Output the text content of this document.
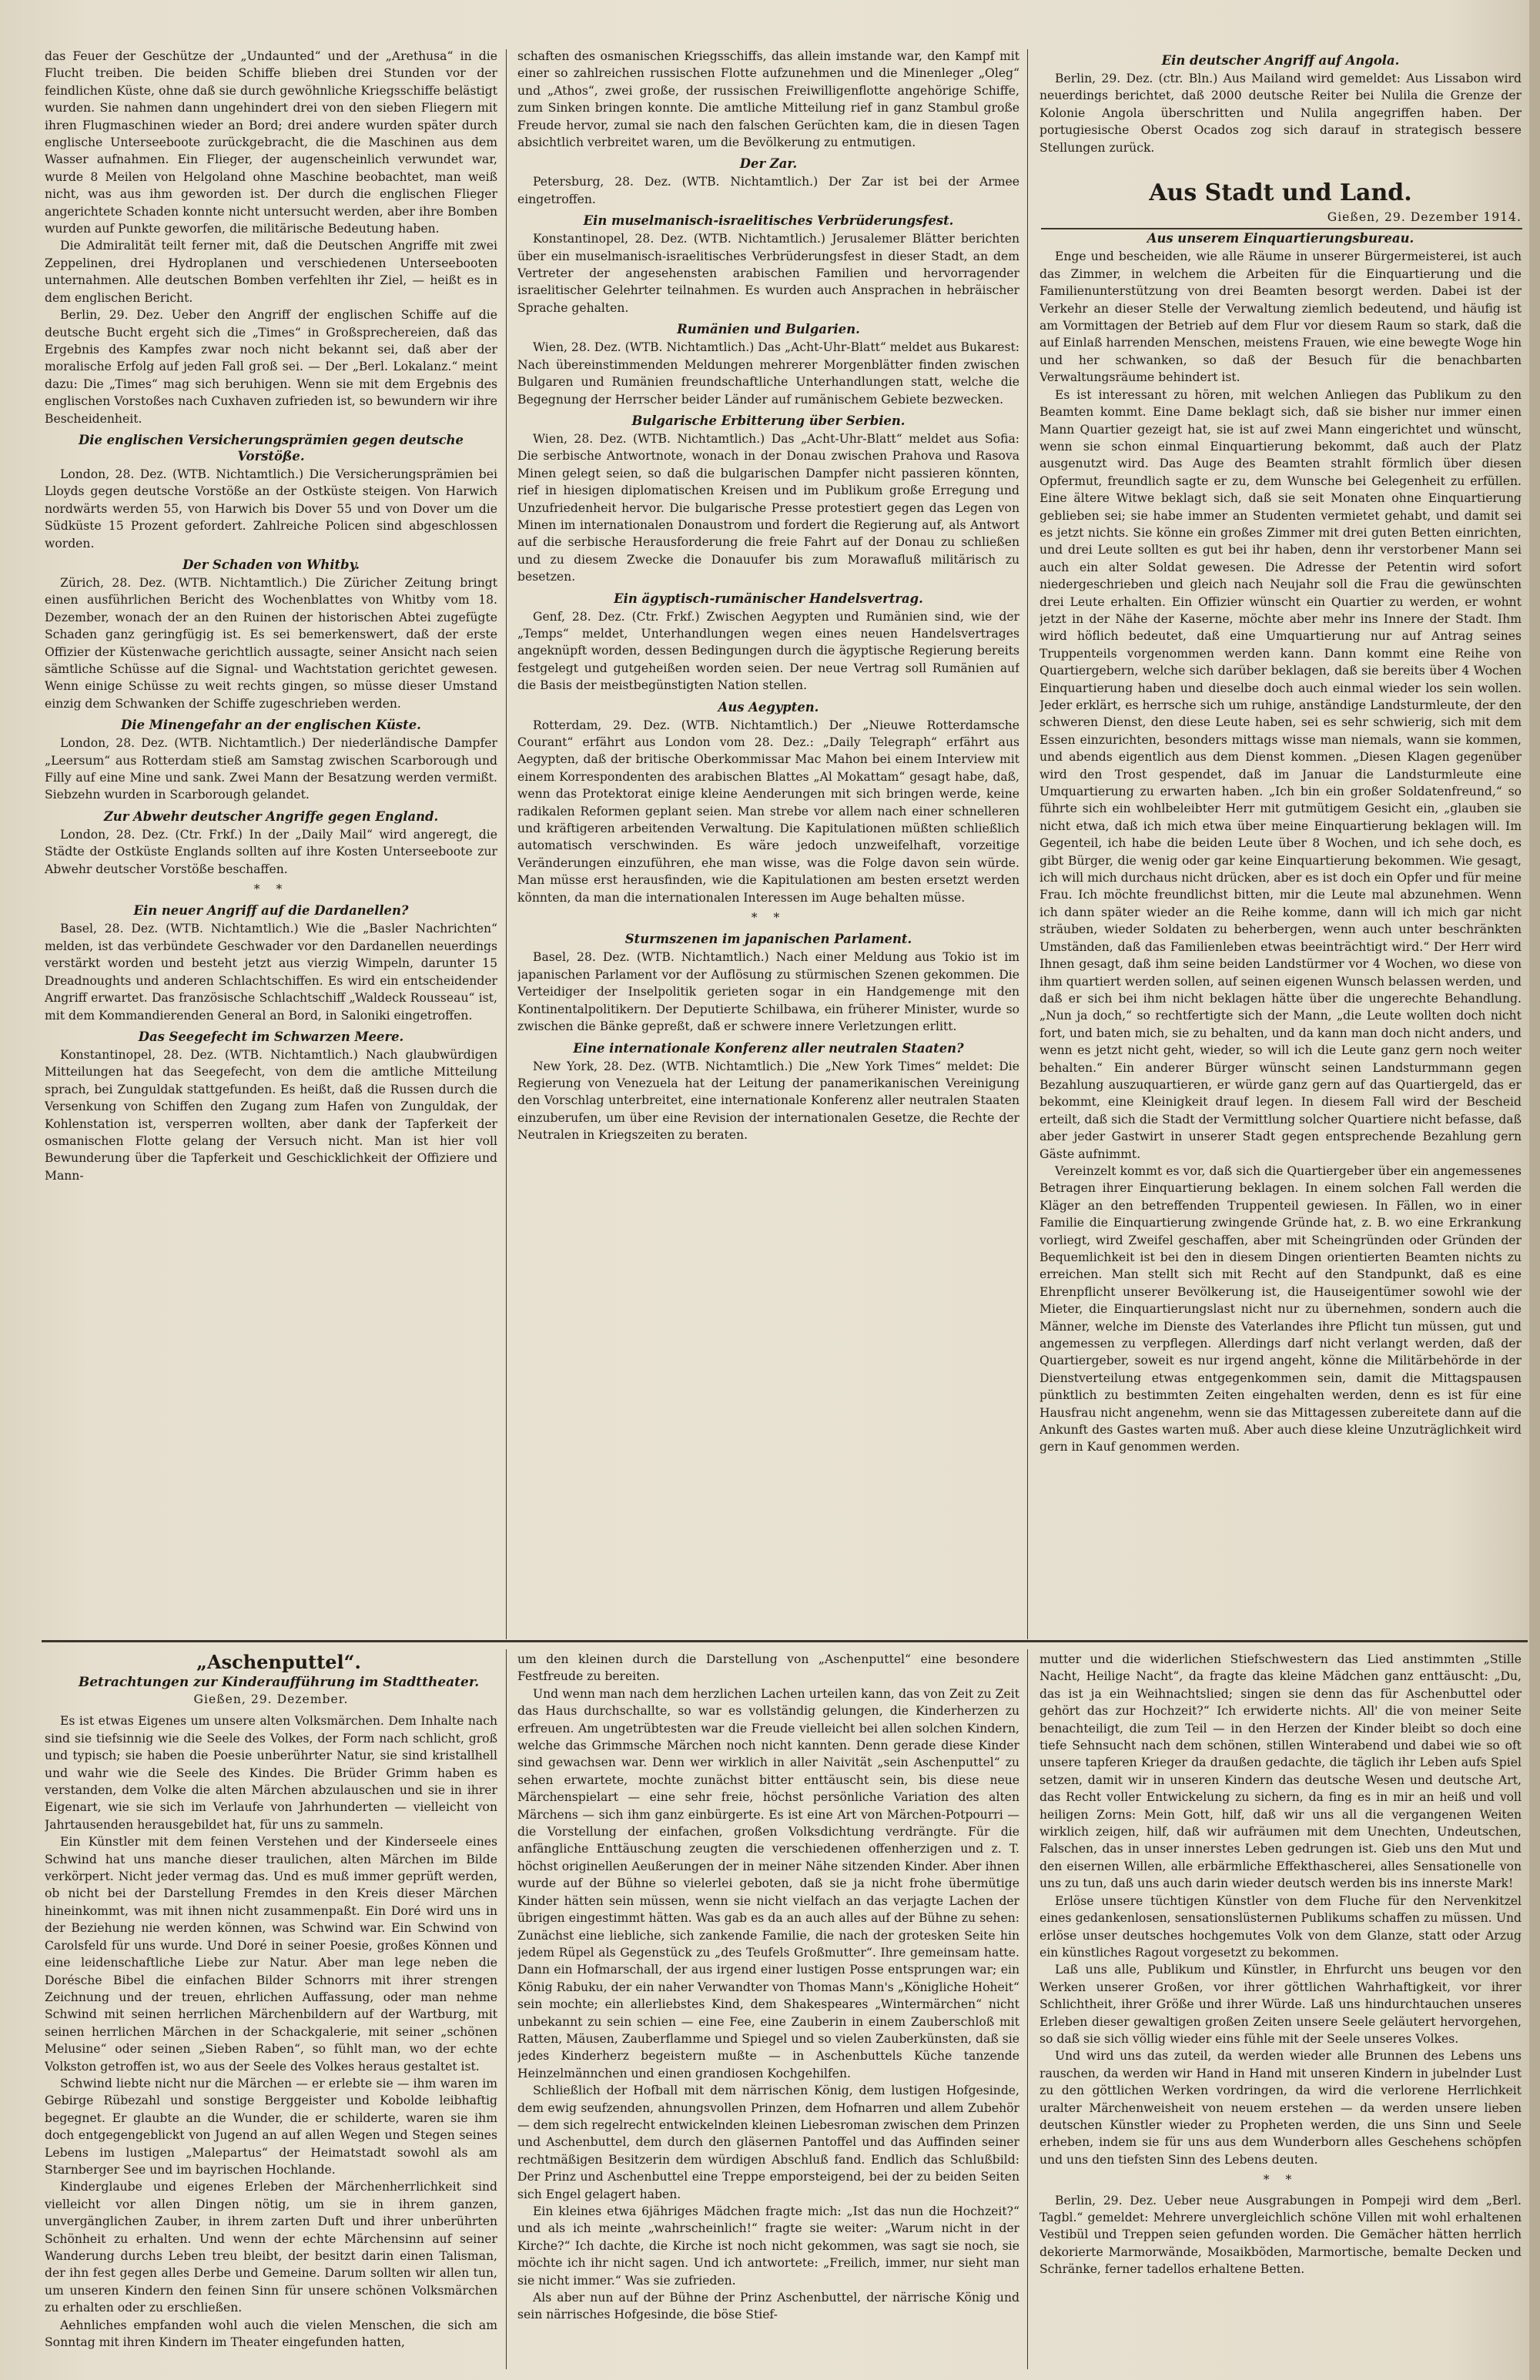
das Feuer der Geschütze der „Undaunted“ und der „Arethusa“ in die Flucht treiben. Die beiden Schiffe blieben drei Stunden vor der feindlichen Küste, ohne daß sie durch gewöhnliche Kriegsschiffe belästigt wurden. Sie nahmen dann ungehindert drei von den sieben Fliegern mit ihren Flugmaschinen wieder an Bord; drei andere wurden später durch englische Unterseeboote zurückgebracht, die die Maschinen aus dem Wasser aufnahmen. Ein Flieger, der augenscheinlich verwundet war, wurde 8 Meilen von Helgoland ohne Maschine beobachtet, man weiß nicht, was aus ihm geworden ist. Der durch die englischen Flieger angerichtete Schaden konnte nicht untersucht werden, aber ihre Bomben wurden auf Punkte geworfen, die militärische Bedeutung haben.

Die Admiralität teilt ferner mit, daß die Deutschen Angriffe mit zwei Zeppelinen, drei Hydroplanen und verschiedenen Unterseebooten unternahmen. Alle deutschen Bomben verfehlten ihr Ziel, — heißt es in dem englischen Bericht.

Berlin, 29. Dez. Ueber den Angriff der englischen Schiffe auf die deutsche Bucht ergeht sich die „Times“ in Großsprechereien, daß das Ergebnis des Kampfes zwar noch nicht bekannt sei, daß aber der moralische Erfolg auf jeden Fall groß sei. — Der „Berl. Lokalanz.“ meint dazu: Die „Times“ mag sich beruhigen. Wenn sie mit dem Ergebnis des englischen Vorstoßes nach Cuxhaven zufrieden ist, so bewundern wir ihre Bescheidenheit.

Die englischen Versicherungsprämien gegen deutsche Vorstöße.

London, 28. Dez. (WTB. Nichtamtlich.) Die Versicherungsprämien bei Lloyds gegen deutsche Vorstöße an der Ostküste steigen. Von Harwich nordwärts werden 55, von Harwich bis Dover 55 und von Dover um die Südküste 15 Prozent gefordert. Zahlreiche Policen sind abgeschlossen worden.

Der Schaden von Whitby.

Zürich, 28. Dez. (WTB. Nichtamtlich.) Die Züricher Zeitung bringt einen ausführlichen Bericht des Wochenblattes von Whitby vom 18. Dezember, wonach der an den Ruinen der historischen Abtei zugefügte Schaden ganz geringfügig ist. Es sei bemerkenswert, daß der erste Offizier der Küstenwache gerichtlich aussagte, seiner Ansicht nach seien sämtliche Schüsse auf die Signal- und Wachtstation gerichtet gewesen. Wenn einige Schüsse zu weit rechts gingen, so müsse dieser Umstand einzig dem Schwanken der Schiffe zugeschrieben werden.

Die Minengefahr an der englischen Küste.

London, 28. Dez. (WTB. Nichtamtlich.) Der niederländische Dampfer „Leersum“ aus Rotterdam stieß am Samstag zwischen Scarborough und Filly auf eine Mine und sank. Zwei Mann der Besatzung werden vermißt. Siebzehn wurden in Scarborough gelandet.

Zur Abwehr deutscher Angriffe gegen England.

London, 28. Dez. (Ctr. Frkf.) In der „Daily Mail“ wird angeregt, die Städte der Ostküste Englands sollten auf ihre Kosten Unterseeboote zur Abwehr deutscher Vorstöße beschaffen.

* *

Ein neuer Angriff auf die Dardanellen?

Basel, 28. Dez. (WTB. Nichtamtlich.) Wie die „Basler Nachrichten“ melden, ist das verbündete Geschwader vor den Dardanellen neuerdings verstärkt worden und besteht jetzt aus vierzig Wimpeln, darunter 15 Dreadnoughts und anderen Schlachtschiffen. Es wird ein entscheidender Angriff erwartet. Das französische Schlachtschiff „Waldeck Rousseau“ ist, mit dem Kommandierenden General an Bord, in Saloniki eingetroffen.

Das Seegefecht im Schwarzen Meere.

Konstantinopel, 28. Dez. (WTB. Nichtamtlich.) Nach glaubwürdigen Mitteilungen hat das Seegefecht, von dem die amtliche Mitteilung sprach, bei Zunguldak stattgefunden. Es heißt, daß die Russen durch die Versenkung von Schiffen den Zugang zum Hafen von Zunguldak, der Kohlenstation ist, versperren wollten, aber dank der Tapferkeit der osmanischen Flotte gelang der Versuch nicht. Man ist hier voll Bewunderung über die Tapferkeit und Geschicklichkeit der Offiziere und Mann-

schaften des osmanischen Kriegsschiffs, das allein imstande war, den Kampf mit einer so zahlreichen russischen Flotte aufzunehmen und die Minenleger „Oleg“ und „Athos“, zwei große, der russischen Freiwilligenflotte angehörige Schiffe, zum Sinken bringen konnte. Die amtliche Mitteilung rief in ganz Stambul große Freude hervor, zumal sie nach den falschen Gerüchten kam, die in diesen Tagen absichtlich verbreitet waren, um die Bevölkerung zu entmutigen.

Der Zar.

Petersburg, 28. Dez. (WTB. Nichtamtlich.) Der Zar ist bei der Armee eingetroffen.

Ein muselmanisch-israelitisches Verbrüderungsfest.

Konstantinopel, 28. Dez. (WTB. Nichtamtlich.) Jerusalemer Blätter berichten über ein muselmanisch-israelitisches Verbrüderungsfest in dieser Stadt, an dem Vertreter der angesehensten arabischen Familien und hervorragender israelitischer Gelehrter teilnahmen. Es wurden auch Ansprachen in hebräischer Sprache gehalten.

Rumänien und Bulgarien.

Wien, 28. Dez. (WTB. Nichtamtlich.) Das „Acht-Uhr-Blatt“ meldet aus Bukarest: Nach übereinstimmenden Meldungen mehrerer Morgenblätter finden zwischen Bulgaren und Rumänien freundschaftliche Unterhandlungen statt, welche die Begegnung der Herrscher beider Länder auf rumänischem Gebiete bezwecken.

Bulgarische Erbitterung über Serbien.

Wien, 28. Dez. (WTB. Nichtamtlich.) Das „Acht-Uhr-Blatt“ meldet aus Sofia: Die serbische Antwortnote, wonach in der Donau zwischen Prahova und Rasova Minen gelegt seien, so daß die bulgarischen Dampfer nicht passieren könnten, rief in hiesigen diplomatischen Kreisen und im Publikum große Erregung und Unzufriedenheit hervor. Die bulgarische Presse protestiert gegen das Legen von Minen im internationalen Donaustrom und fordert die Regierung auf, als Antwort auf die serbische Herausforderung die freie Fahrt auf der Donau zu schließen und zu diesem Zwecke die Donauufer bis zum Morawafluß militärisch zu besetzen.

Ein ägyptisch-rumänischer Handelsvertrag.

Genf, 28. Dez. (Ctr. Frkf.) Zwischen Aegypten und Rumänien sind, wie der „Temps“ meldet, Unterhandlungen wegen eines neuen Handelsvertrages angeknüpft worden, dessen Bedingungen durch die ägyptische Regierung bereits festgelegt und gutgeheißen worden seien. Der neue Vertrag soll Rumänien auf die Basis der meistbegünstigten Nation stellen.

Aus Aegypten.

Rotterdam, 29. Dez. (WTB. Nichtamtlich.) Der „Nieuwe Rotterdamsche Courant“ erfährt aus London vom 28. Dez.: „Daily Telegraph“ erfährt aus Aegypten, daß der britische Oberkommissar Mac Mahon bei einem Interview mit einem Korrespondenten des arabischen Blattes „Al Mokattam“ gesagt habe, daß, wenn das Protektorat einige kleine Aenderungen mit sich bringen werde, keine radikalen Reformen geplant seien. Man strebe vor allem nach einer schnelleren und kräftigeren arbeitenden Verwaltung. Die Kapitulationen müßten schließlich automatisch verschwinden. Es wäre jedoch unzweifelhaft, vorzeitige Veränderungen einzuführen, ehe man wisse, was die Folge davon sein würde. Man müsse erst herausfinden, wie die Kapitulationen am besten ersetzt werden könnten, da man die internationalen Interessen im Auge behalten müsse.

* *

Sturmszenen im japanischen Parlament.

Basel, 28. Dez. (WTB. Nichtamtlich.) Nach einer Meldung aus Tokio ist im japanischen Parlament vor der Auflösung zu stürmischen Szenen gekommen. Die Verteidiger der Inselpolitik gerieten sogar in ein Handgemenge mit den Kontinentalpolitikern. Der Deputierte Schilbawa, ein früherer Minister, wurde so zwischen die Bänke gepreßt, daß er schwere innere Verletzungen erlitt.

Eine internationale Konferenz aller neutralen Staaten?

New York, 28. Dez. (WTB. Nichtamtlich.) Die „New York Times“ meldet: Die Regierung von Venezuela hat der Leitung der panamerikanischen Vereinigung den Vorschlag unterbreitet, eine internationale Konferenz aller neutralen Staaten einzuberufen, um über eine Revision der internationalen Gesetze, die Rechte der Neutralen in Kriegszeiten zu beraten.

Ein deutscher Angriff auf Angola.

Berlin, 29. Dez. (ctr. Bln.) Aus Mailand wird gemeldet: Aus Lissabon wird neuerdings berichtet, daß 2000 deutsche Reiter bei Nulila die Grenze der Kolonie Angola überschritten und Nulila angegriffen haben. Der portugiesische Oberst Ocados zog sich darauf in strategisch bessere Stellungen zurück.

Aus Stadt und Land.

Gießen, 29. Dezember 1914.

Aus unserem Einquartierungsbureau.

Enge und bescheiden, wie alle Räume in unserer Bürgermeisterei, ist auch das Zimmer, in welchem die Arbeiten für die Einquartierung und die Familienunterstützung von drei Beamten besorgt werden. Dabei ist der Verkehr an dieser Stelle der Verwaltung ziemlich bedeutend, und häufig ist am Vormittagen der Betrieb auf dem Flur vor diesem Raum so stark, daß die auf Einlaß harrenden Menschen, meistens Frauen, wie eine bewegte Woge hin und her schwanken, so daß der Besuch für die benachbarten Verwaltungsräume behindert ist.

Es ist interessant zu hören, mit welchen Anliegen das Publikum zu den Beamten kommt. Eine Dame beklagt sich, daß sie bisher nur immer einen Mann Quartier gezeigt hat, sie ist auf zwei Mann eingerichtet und wünscht, wenn sie schon einmal Einquartierung bekommt, daß auch der Platz ausgenutzt wird. Das Auge des Beamten strahlt förmlich über diesen Opfermut, freundlich sagte er zu, dem Wunsche bei Gelegenheit zu erfüllen. Eine ältere Witwe beklagt sich, daß sie seit Monaten ohne Einquartierung geblieben sei; sie habe immer an Studenten vermietet gehabt, und damit sei es jetzt nichts. Sie könne ein großes Zimmer mit drei guten Betten einrichten, und drei Leute sollten es gut bei ihr haben, denn ihr verstorbener Mann sei auch ein alter Soldat gewesen. Die Adresse der Petentin wird sofort niedergeschrieben und gleich nach Neujahr soll die Frau die gewünschten drei Leute erhalten. Ein Offizier wünscht ein Quartier zu werden, er wohnt jetzt in der Nähe der Kaserne, möchte aber mehr ins Innere der Stadt. Ihm wird höflich bedeutet, daß eine Umquartierung nur auf Antrag seines Truppenteils vorgenommen werden kann. Dann kommt eine Reihe von Quartiergebern, welche sich darüber beklagen, daß sie bereits über 4 Wochen Einquartierung haben und dieselbe doch auch einmal wieder los sein wollen. Jeder erklärt, es herrsche sich um ruhige, anständige Landsturmleute, der den schweren Dienst, den diese Leute haben, sei es sehr schwierig, sich mit dem Essen einzurichten, besonders mittags wisse man niemals, wann sie kommen, und abends eigentlich aus dem Dienst kommen. „Diesen Klagen gegenüber wird den Trost gespendet, daß im Januar die Landsturmleute eine Umquartierung zu erwarten haben. „Ich bin ein großer Soldatenfreund,“ so führte sich ein wohlbeleibter Herr mit gutmütigem Gesicht ein, „glauben sie nicht etwa, daß ich mich etwa über meine Einquartierung beklagen will. Im Gegenteil, ich habe die beiden Leute über 8 Wochen, und ich sehe doch, es gibt Bürger, die wenig oder gar keine Einquartierung bekommen. Wie gesagt, ich will mich durchaus nicht drücken, aber es ist doch ein Opfer und für meine Frau. Ich möchte freundlichst bitten, mir die Leute mal abzunehmen. Wenn ich dann später wieder an die Reihe komme, dann will ich mich gar nicht sträuben, wieder Soldaten zu beherbergen, wenn auch unter beschränkten Umständen, daß das Familienleben etwas beeinträchtigt wird.“ Der Herr wird Ihnen gesagt, daß ihm seine beiden Landstürmer vor 4 Wochen, wo diese von ihm quartiert werden sollen, auf seinen eigenen Wunsch belassen werden, und daß er sich bei ihm nicht beklagen hätte über die ungerechte Behandlung. „Nun ja doch,“ so rechtfertigte sich der Mann, „die Leute wollten doch nicht fort, und baten mich, sie zu behalten, und da kann man doch nicht anders, und wenn es jetzt nicht geht, wieder, so will ich die Leute ganz gern noch weiter behalten.“ Ein anderer Bürger wünscht seinen Landsturmmann gegen Bezahlung auszuquartieren, er würde ganz gern auf das Quartiergeld, das er bekommt, eine Kleinigkeit drauf legen. In diesem Fall wird der Bescheid erteilt, daß sich die Stadt der Vermittlung solcher Quartiere nicht befasse, daß aber jeder Gastwirt in unserer Stadt gegen entsprechende Bezahlung gern Gäste aufnimmt.

Vereinzelt kommt es vor, daß sich die Quartiergeber über ein angemessenes Betragen ihrer Einquartierung beklagen. In einem solchen Fall werden die Kläger an den betreffenden Truppenteil gewiesen. In Fällen, wo in einer Familie die Einquartierung zwingende Gründe hat, z. B. wo eine Erkrankung vorliegt, wird Zweifel geschaffen, aber mit Scheingründen oder Gründen der Bequemlichkeit ist bei den in diesem Dingen orientierten Beamten nichts zu erreichen. Man stellt sich mit Recht auf den Standpunkt, daß es eine Ehrenpflicht unserer Bevölkerung ist, die Hauseigentümer sowohl wie der Mieter, die Einquartierungslast nicht nur zu übernehmen, sondern auch die Männer, welche im Dienste des Vaterlandes ihre Pflicht tun müssen, gut und angemessen zu verpflegen. Allerdings darf nicht verlangt werden, daß der Quartiergeber, soweit es nur irgend angeht, könne die Militärbehörde in der Dienstverteilung etwas entgegenkommen sein, damit die Mittagspausen pünktlich zu bestimmten Zeiten eingehalten werden, denn es ist für eine Hausfrau nicht angenehm, wenn sie das Mittagessen zubereitete dann auf die Ankunft des Gastes warten muß. Aber auch diese kleine Unzuträglichkeit wird gern in Kauf genommen werden.

„Aschenputtel“.

Betrachtungen zur Kinderaufführung im Stadttheater.

Gießen, 29. Dezember.

Es ist etwas Eigenes um unsere alten Volksmärchen. Dem Inhalte nach sind sie tiefsinnig wie die Seele des Volkes, der Form nach schlicht, groß und typisch; sie haben die Poesie unberührter Natur, sie sind kristallhell und wahr wie die Seele des Kindes. Die Brüder Grimm haben es verstanden, dem Volke die alten Märchen abzulauschen und sie in ihrer Eigenart, wie sie sich im Verlaufe von Jahrhunderten — vielleicht von Jahrtausenden herausgebildet hat, für uns zu sammeln.

Ein Künstler mit dem feinen Verstehen und der Kinderseele eines Schwind hat uns manche dieser traulichen, alten Märchen im Bilde verkörpert. Nicht jeder vermag das. Und es muß immer geprüft werden, ob nicht bei der Darstellung Fremdes in den Kreis dieser Märchen hineinkommt, was mit ihnen nicht zusammenpaßt. Ein Doré wird uns in der Beziehung nie werden können, was Schwind war. Ein Schwind von Carolsfeld für uns wurde. Und Doré in seiner Poesie, großes Können und eine leidenschaftliche Liebe zur Natur. Aber man lege neben die Dorésche Bibel die einfachen Bilder Schnorrs mit ihrer strengen Zeichnung und der treuen, ehrlichen Auffassung, oder man nehme Schwind mit seinen herrlichen Märchenbildern auf der Wartburg, mit seinen herrlichen Märchen in der Schackgalerie, mit seiner „schönen Melusine“ oder seinen „Sieben Raben“, so fühlt man, wo der echte Volkston getroffen ist, wo aus der Seele des Volkes heraus gestaltet ist.

Schwind liebte nicht nur die Märchen — er erlebte sie — ihm waren im Gebirge Rübezahl und sonstige Berggeister und Kobolde leibhaftig begegnet. Er glaubte an die Wunder, die er schilderte, waren sie ihm doch entgegengeblickt von Jugend an auf allen Wegen und Stegen seines Lebens im lustigen „Malepartus“ der Heimatstadt sowohl als am Starnberger See und im bayrischen Hochlande.

Kinderglaube und eigenes Erleben der Märchenherrlichkeit sind vielleicht vor allen Dingen nötig, um sie in ihrem ganzen, unvergänglichen Zauber, in ihrem zarten Duft und ihrer unberührten Schönheit zu erhalten. Und wenn der echte Märchensinn auf seiner Wanderung durchs Leben treu bleibt, der besitzt darin einen Talisman, der ihn fest gegen alles Derbe und Gemeine. Darum sollten wir allen tun, um unseren Kindern den feinen Sinn für unsere schönen Volksmärchen zu erhalten oder zu erschließen.

Aehnliches empfanden wohl auch die vielen Menschen, die sich am Sonntag mit ihren Kindern im Theater eingefunden hatten,

um den kleinen durch die Darstellung von „Aschenputtel“ eine besondere Festfreude zu bereiten.

Und wenn man nach dem herzlichen Lachen urteilen kann, das von Zeit zu Zeit das Haus durchschallte, so war es vollständig gelungen, die Kinderherzen zu erfreuen. Am ungetrübtesten war die Freude vielleicht bei allen solchen Kindern, welche das Grimmsche Märchen noch nicht kannten. Denn gerade diese Kinder sind gewachsen war. Denn wer wirklich in aller Naivität „sein Aschenputtel“ zu sehen erwartete, mochte zunächst bitter enttäuscht sein, bis diese neue Märchenspielart — eine sehr freie, höchst persönliche Variation des alten Märchens — sich ihm ganz einbürgerte. Es ist eine Art von Märchen-Potpourri — die Vorstellung der einfachen, großen Volksdichtung verdrängte. Für die anfängliche Enttäuschung zeugten die verschiedenen offenherzigen und z. T. höchst originellen Aeußerungen der in meiner Nähe sitzenden Kinder. Aber ihnen wurde auf der Bühne so vielerlei geboten, daß sie ja nicht frohe übermütige Kinder hätten sein müssen, wenn sie nicht vielfach an das verjagte Lachen der übrigen eingestimmt hätten. Was gab es da an auch alles auf der Bühne zu sehen: Zunächst eine liebliche, sich zankende Familie, die nach der grotesken Seite hin jedem Rüpel als Gegenstück zu „des Teufels Großmutter“. Ihre gemeinsam hatte. Dann ein Hofmarschall, der aus irgend einer lustigen Posse entsprungen war; ein König Rabuku, der ein naher Verwandter von Thomas Mann's „Königliche Hoheit“ sein mochte; ein allerliebstes Kind, dem Shakespeares „Wintermärchen“ nicht unbekannt zu sein schien — eine Fee, eine Zauberin in einem Zauberschloß mit Ratten, Mäusen, Zauberflamme und Spiegel und so vielen Zauberkünsten, daß sie jedes Kinderherz begeistern mußte — in Aschenbuttels Küche tanzende Heinzelmännchen und einen grandiosen Kochgehilfen.

Schließlich der Hofball mit dem närrischen König, dem lustigen Hofgesinde, dem ewig seufzenden, ahnungsvollen Prinzen, dem Hofnarren und allem Zubehör — dem sich regelrecht entwickelnden kleinen Liebesroman zwischen dem Prinzen und Aschenbuttel, dem durch den gläsernen Pantoffel und das Auffinden seiner rechtmäßigen Besitzerin dem würdigen Abschluß fand. Endlich das Schlußbild: Der Prinz und Aschenbuttel eine Treppe emporsteigend, bei der zu beiden Seiten sich Engel gelagert haben.

Ein kleines etwa 6jähriges Mädchen fragte mich: „Ist das nun die Hochzeit?“ und als ich meinte „wahrscheinlich!“ fragte sie weiter: „Warum nicht in der Kirche?“ Ich dachte, die Kirche ist noch nicht gekommen, was sagt sie noch, sie möchte ich ihr nicht sagen. Und ich antwortete: „Freilich, immer, nur sieht man sie nicht immer.“ Was sie zufrieden.

Als aber nun auf der Bühne der Prinz Aschenbuttel, der närrische König und sein närrisches Hofgesinde, die böse Stief-

mutter und die widerlichen Stiefschwestern das Lied anstimmten „Stille Nacht, Heilige Nacht“, da fragte das kleine Mädchen ganz enttäuscht: „Du, das ist ja ein Weihnachtslied; singen sie denn das für Aschenbuttel oder gehört das zur Hochzeit?“ Ich erwiderte nichts. All' die von meiner Seite benachteiligt, die zum Teil — in den Herzen der Kinder bleibt so doch eine tiefe Sehnsucht nach dem schönen, stillen Winterabend und dabei wie so oft unsere tapferen Krieger da draußen gedachte, die täglich ihr Leben aufs Spiel setzen, damit wir in unseren Kindern das deutsche Wesen und deutsche Art, das Recht voller Entwickelung zu sichern, da fing es in mir an heiß und voll heiligen Zorns: Mein Gott, hilf, daß wir uns all die vergangenen Weiten wirklich zeigen, hilf, daß wir aufräumen mit dem Unechten, Undeutschen, Falschen, das in unser innerstes Leben gedrungen ist. Gieb uns den Mut und den eisernen Willen, alle erbärmliche Effekthascherei, alles Sensationelle von uns zu tun, daß uns auch darin wieder deutsch werden bis ins innerste Mark!

Erlöse unsere tüchtigen Künstler von dem Fluche für den Nervenkitzel eines gedankenlosen, sensationslüsternen Publikums schaffen zu müssen. Und erlöse unser deutsches hochgemutes Volk von dem Glanze, statt oder Arzug ein künstliches Ragout vorgesetzt zu bekommen.

Laß uns alle, Publikum und Künstler, in Ehrfurcht uns beugen vor den Werken unserer Großen, vor ihrer göttlichen Wahrhaftigkeit, vor ihrer Schlichtheit, ihrer Größe und ihrer Würde. Laß uns hindurchtauchen unseres Erleben dieser gewaltigen großen Zeiten unsere Seele geläutert hervorgehen, so daß sie sich völlig wieder eins fühle mit der Seele unseres Volkes.

Und wird uns das zuteil, da werden wieder alle Brunnen des Lebens uns rauschen, da werden wir Hand in Hand mit unseren Kindern in jubelnder Lust zu den göttlichen Werken vordringen, da wird die verlorene Herrlichkeit uralter Märchenweisheit von neuem erstehen — da werden unsere lieben deutschen Künstler wieder zu Propheten werden, die uns Sinn und Seele erheben, indem sie für uns aus dem Wunderborn alles Geschehens schöpfen und uns den tiefsten Sinn des Lebens deuten.

* *

Berlin, 29. Dez. Ueber neue Ausgrabungen in Pompeji wird dem „Berl. Tagbl.“ gemeldet: Mehrere unvergleichlich schöne Villen mit wohl erhaltenen Vestibül und Treppen seien gefunden worden. Die Gemächer hätten herrlich dekorierte Marmorwände, Mosaikböden, Marmortische, bemalte Decken und Schränke, ferner tadellos erhaltene Betten.
